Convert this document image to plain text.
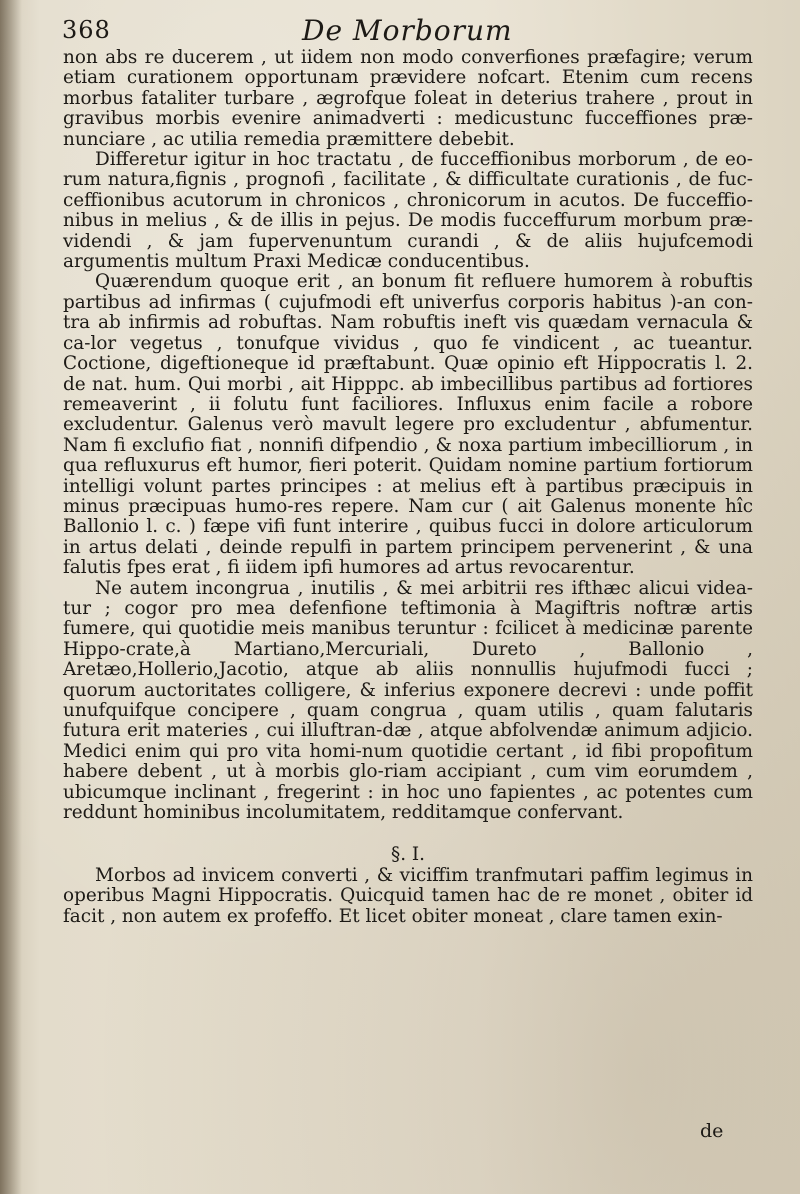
368	De Morborum

non abs re ducerem , ut iidem non modo converfiones præfagire; verum etiam curationem opportunam prævidere nofcart. Etenim cum recens morbus fataliter turbare , ægrofque foleat in deterius trahere , prout in gravibus morbis evenire animadverti : medicustunc fucceffiones præ-nunciare , ac utilia remedia præmittere debebit.

Differetur igitur in hoc tractatu , de fucceffionibus morborum , de eo-rum natura,fignis , prognofi , facilitate , & difficultate curationis , de fuc-ceffionibus acutorum in chronicos , chronicorum in acutos. De fucceffio-nibus in melius , & de illis in pejus. De modis fucceffurum morbum præ-videndi , & jam fupervenuntum curandi , & de aliis hujufcemodi argumentis multum Praxi Medicæ conducentibus.

Quærendum quoque erit , an bonum fit refluere humorem à robuftis partibus ad infirmas ( cujufmodi eft univerfus corporis habitus )-an con-tra ab infirmis ad robuftas. Nam robuftis ineft vis quædam vernacula & ca-lor vegetus , tonufque vividus , quo fe vindicent , ac tueantur. Coctione, digeftioneque id præftabunt. Quæ opinio eft Hippocratis l. 2. de nat. hum. Qui morbi , ait Hipppc. ab imbecillibus partibus ad fortiores remeaverint , ii folutu funt faciliores. Influxus enim facile a robore excludentur. Galenus verò mavult legere pro excludentur , abfumentur. Nam fi exclufio fiat , nonnifi difpendio , & noxa partium imbecilliorum , in qua refluxurus eft humor, fieri poterit. Quidam nomine partium fortiorum intelligi volunt partes principes : at melius eft à partibus præcipuis in minus præcipuas humo-res repere. Nam cur ( ait Galenus monente hîc Ballonio l. c. ) fæpe vifi funt interire , quibus fucci in dolore articulorum in artus delati , deinde repulfi in partem principem pervenerint , & una falutis fpes erat , fi iidem ipfi humores ad artus revocarentur.

Ne autem incongrua , inutilis , & mei arbitrii res ifthæc alicui videa-tur ; cogor pro mea defenfione teftimonia à Magiftris noftræ artis fumere, qui quotidie meis manibus teruntur : fcilicet à medicinæ parente Hippo-crate,à Martiano,Mercuriali, Dureto , Ballonio , Aretæo,Hollerio,Jacotio, atque ab aliis nonnullis hujufmodi fucci ; quorum auctoritates colligere, & inferius exponere decrevi : unde poffit unufquifque concipere , quam congrua , quam utilis , quam falutaris futura erit materies , cui illuftran-dæ , atque abfolvendæ animum adjicio. Medici enim qui pro vita homi-num quotidie certant , id fibi propofitum habere debent , ut à morbis glo-riam accipiant , cum vim eorumdem , ubicumque inclinant , fregerint : in hoc uno fapientes , ac potentes cum reddunt hominibus incolumitatem, redditamque confervant.

§. I.

Morbos ad invicem converti , & viciffim tranfmutari paffim legimus in operibus Magni Hippocratis. Quicquid tamen hac de re monet , obiter id facit , non autem ex profeffo. Et licet obiter moneat , clare tamen exin-

de
